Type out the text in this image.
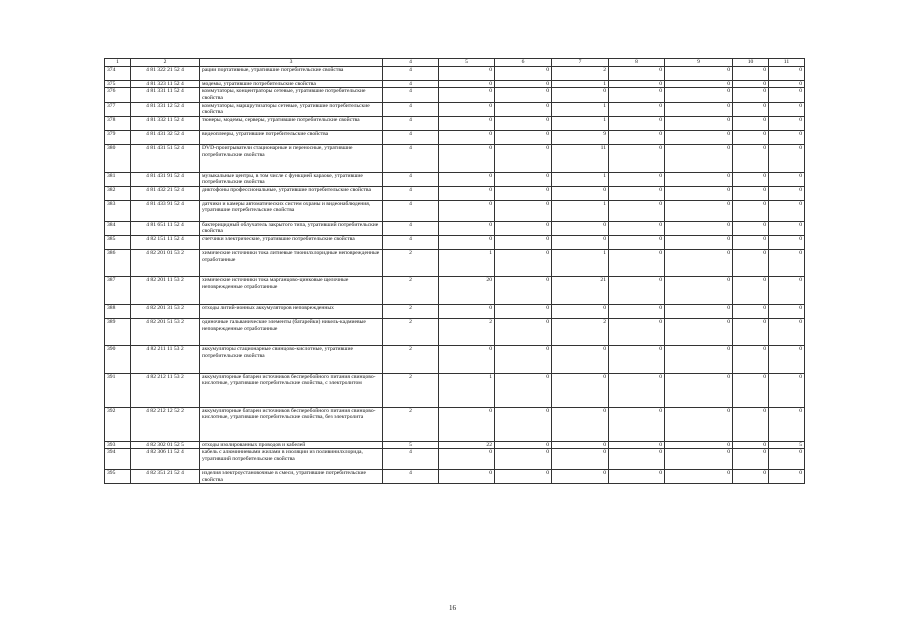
1	2	3	4	5	6	7	8	9	10	11
374	4 81 322 21 52 4	рации портативные, утратившие потребительские свойства	4	0	0	2	0	0	0	0
375	4 81 323 11 52 4	модемы, утратившие потребительские свойства	4	0	0	1	0	0	0	0
376	4 81 331 11 52 4	коммутаторы, концентраторы сетевые, утратившие потребительские свойства	4	0	0	0	0	0	0	0
377	4 81 331 12 52 4	коммутаторы, маршрутизаторы сетевые, утратившие потребительские свойства	4	0	0	1	0	0	0	0
378	4 81 332 11 52 4	тюнеры, модемы, серверы, утратившие потребительские свойства	4	0	0	1	0	0	0	0
379	4 81 431 32 52 4	видеоплееры, утратившие потребительские свойства	4	0	0	9	0	0	0	0
380	4 81 431 51 52 4	DVD-проигрыватели стационарные и переносные, утратившие потребительские свойства	4	0	0	11	0	0	0	0
381	4 81 431 91 52 4	музыкальные центры, в том числе с функцией караоке, утратившие потребительские свойства	4	0	0	1	0	0	0	0
382	4 81 432 21 52 4	диктофоны профессиональные, утратившие потребительские свойства	4	0	0	0	0	0	0	0
383	4 81 433 91 52 4	датчики и камеры автоматических систем охраны и видеонаблюдения, утратившие потребительские свойства	4	0	0	1	0	0	0	0
384	4 81 651 11 52 4	бактерицидный облучатель закрытого типа, утративший потребительские свойства	4	0	0	0	0	0	0	0
385	4 82 151 11 52 4	счетчики электрические, утратившие потребительские свойства	4	0	0	0	0	0	0	0
386	4 82 201 01 53 2	химические источники тока литиевые тионилхлоридные неповрежденные отработанные	2	1	0	1	0	0	0	0
387	4 82 201 11 53 2	химические источники тока марганцово-цинковые щелочные неповрежденные отработанные	2	20	0	21	0	0	0	0
388	4 82 201 31 53 2	отходы литий-ионных аккумуляторов неповрежденных	2	0	0	0	0	0	0	0
389	4 82 201 51 53 2	одиночные гальванические элементы (батарейки) никель-кадмиевые неповрежденные отработанные	2	2	0	2	0	0	0	0
390	4 82 211 11 53 2	аккумуляторы стационарные свинцово-кислотные, утратившие потребительские свойства	2	0	0	0	0	0	0	0
391	4 82 212 11 53 2	аккумуляторные батареи источников бесперебойного питания свинцово-кислотные, утратившие потребительские свойства, с электролитом	2	1	0	0	0	0	0	0
392	4 82 212 12 52 2	аккумуляторные батареи источников бесперебойного питания свинцово-кислотные, утратившие потребительские свойства, без электролита	2	0	0	0	0	0	0	0
393	4 82 302 01 52 5	отходы изолированных проводов и кабелей	5	22	0	0	0	0	0	5
394	4 82 306 11 52 4	кабель с алюминиевыми жилами в изоляции из поливинилхлорида, утративший потребительские свойства	4	0	0	0	0	0	0	0
395	4 82 351 21 52 4	изделия электроустановочные в смеси, утратившие потребительские свойства	4	0	0	0	0	0	0	0
16
